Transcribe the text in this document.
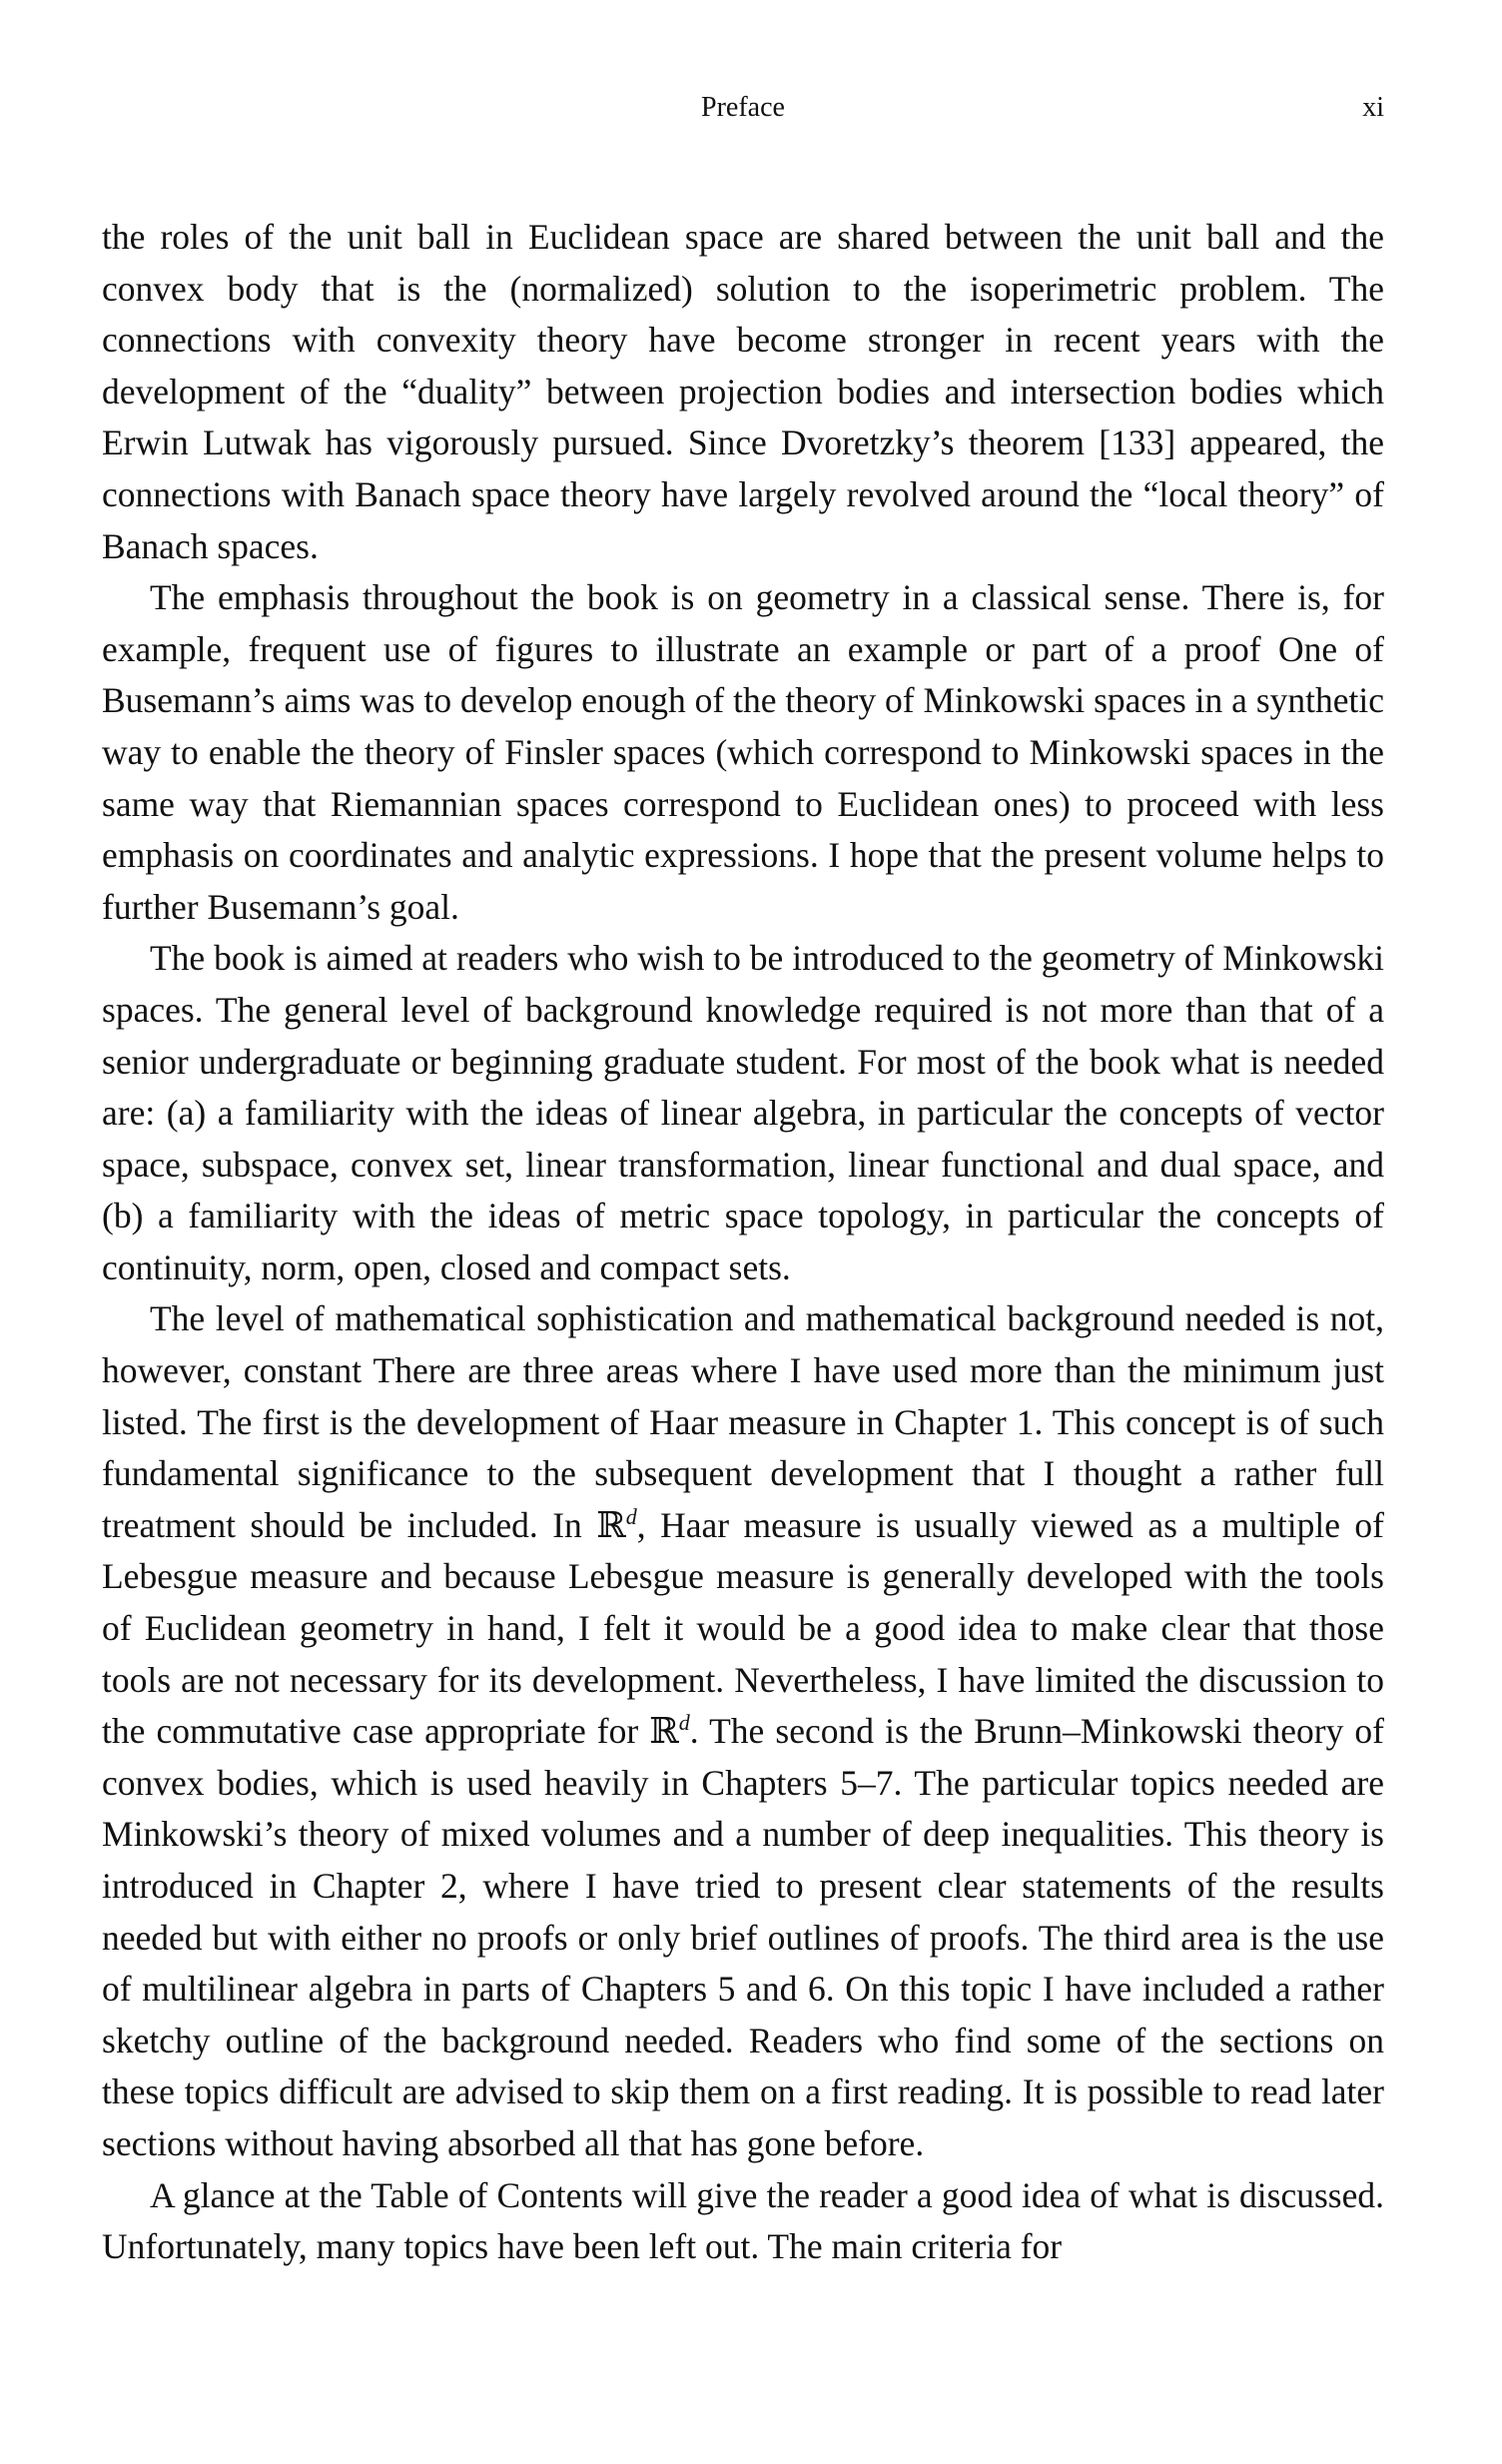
Preface	xi

the roles of the unit ball in Euclidean space are shared between the unit ball and the convex body that is the (normalized) solution to the isoperimetric problem. The connections with convexity theory have become stronger in recent years with the development of the “duality” between projection bodies and intersection bodies which Erwin Lutwak has vigorously pursued. Since Dvoretzky’s theorem [133] appeared, the connections with Banach space theory have largely revolved around the “local theory” of Banach spaces.

The emphasis throughout the book is on geometry in a classical sense. There is, for example, frequent use of figures to illustrate an example or part of a proof One of Busemann’s aims was to develop enough of the theory of Minkowski spaces in a synthetic way to enable the theory of Finsler spaces (which correspond to Minkowski spaces in the same way that Riemannian spaces correspond to Euclidean ones) to proceed with less emphasis on coordinates and analytic expressions. I hope that the present volume helps to further Busemann’s goal.

The book is aimed at readers who wish to be introduced to the geometry of Minkowski spaces. The general level of background knowledge required is not more than that of a senior undergraduate or beginning graduate student. For most of the book what is needed are: (a) a familiarity with the ideas of linear algebra, in particular the concepts of vector space, subspace, convex set, linear transformation, linear functional and dual space, and (b) a familiarity with the ideas of metric space topology, in particular the concepts of continuity, norm, open, closed and compact sets.

The level of mathematical sophistication and mathematical background needed is not, however, constant There are three areas where I have used more than the minimum just listed. The first is the development of Haar measure in Chapter 1. This concept is of such fundamental significance to the subsequent development that I thought a rather full treatment should be included. In ℝ$^d$, Haar measure is usually viewed as a multiple of Lebesgue measure and because Lebesgue measure is generally developed with the tools of Euclidean geometry in hand, I felt it would be a good idea to make clear that those tools are not necessary for its development. Nevertheless, I have limited the discussion to the commutative case appropriate for ℝ$^d$. The second is the Brunn–Minkowski theory of convex bodies, which is used heavily in Chapters 5–7. The particular topics needed are Minkowski’s theory of mixed volumes and a number of deep inequalities. This theory is introduced in Chapter 2, where I have tried to present clear statements of the results needed but with either no proofs or only brief outlines of proofs. The third area is the use of multilinear algebra in parts of Chapters 5 and 6. On this topic I have included a rather sketchy outline of the background needed. Readers who find some of the sections on these topics difficult are advised to skip them on a first reading. It is possible to read later sections without having absorbed all that has gone before.

A glance at the Table of Contents will give the reader a good idea of what is discussed. Unfortunately, many topics have been left out. The main criteria for
